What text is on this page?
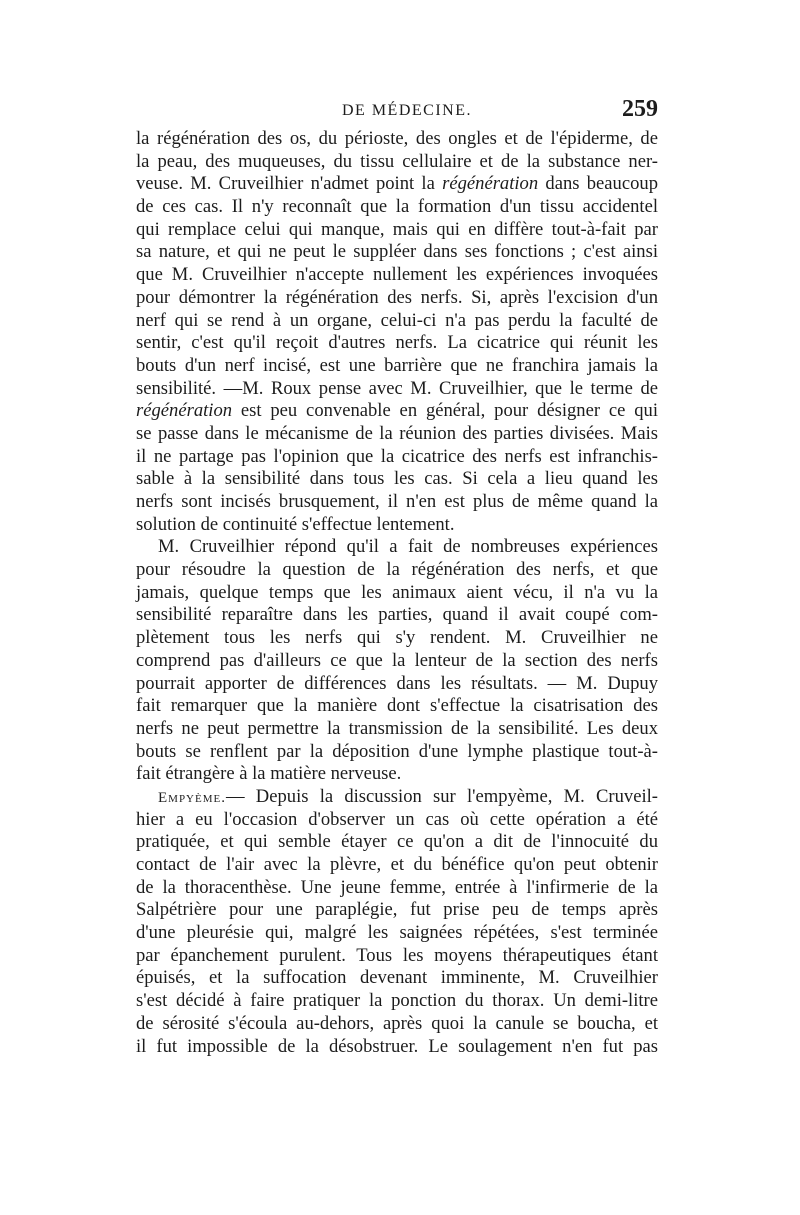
DE MÉDECINE.	259
la régénération des os, du périoste, des ongles et de l'épiderme, de
la peau, des muqueuses, du tissu cellulaire et de la substance ner-
veuse. M. Cruveilhier n'admet point la régénération dans beaucoup
de ces cas. Il n'y reconnaît que la formation d'un tissu accidentel
qui remplace celui qui manque, mais qui en diffère tout-à-fait par
sa nature, et qui ne peut le suppléer dans ses fonctions ; c'est ainsi
que M. Cruveilhier n'accepte nullement les expériences invoquées
pour démontrer la régénération des nerfs. Si, après l'excision d'un
nerf qui se rend à un organe, celui-ci n'a pas perdu la faculté de
sentir, c'est qu'il reçoit d'autres nerfs. La cicatrice qui réunit les
bouts d'un nerf incisé, est une barrière que ne franchira jamais la
sensibilité. —M. Roux pense avec M. Cruveilhier, que le terme de
régénération est peu convenable en général, pour désigner ce qui
se passe dans le mécanisme de la réunion des parties divisées. Mais
il ne partage pas l'opinion que la cicatrice des nerfs est infranchis-
sable à la sensibilité dans tous les cas. Si cela a lieu quand les
nerfs sont incisés brusquement, il n'en est plus de même quand la
solution de continuité s'effectue lentement.
M. Cruveilhier répond qu'il a fait de nombreuses expériences
pour résoudre la question de la régénération des nerfs, et que
jamais, quelque temps que les animaux aient vécu, il n'a vu la
sensibilité reparaître dans les parties, quand il avait coupé com-
plètement tous les nerfs qui s'y rendent. M. Cruveilhier ne
comprend pas d'ailleurs ce que la lenteur de la section des nerfs
pourrait apporter de différences dans les résultats. — M. Dupuy
fait remarquer que la manière dont s'effectue la cisatrisation des
nerfs ne peut permettre la transmission de la sensibilité. Les deux
bouts se renflent par la déposition d'une lymphe plastique tout-à-
fait étrangère à la matière nerveuse.
Empyème.— Depuis la discussion sur l'empyème, M. Cruveil-
hier a eu l'occasion d'observer un cas où cette opération a été
pratiquée, et qui semble étayer ce qu'on a dit de l'innocuité du
contact de l'air avec la plèvre, et du bénéfice qu'on peut obtenir
de la thoracenthèse. Une jeune femme, entrée à l'infirmerie de la
Salpétrière pour une paraplégie, fut prise peu de temps après
d'une pleurésie qui, malgré les saignées répétées, s'est terminée
par épanchement purulent. Tous les moyens thérapeutiques étant
épuisés, et la suffocation devenant imminente, M. Cruveilhier
s'est décidé à faire pratiquer la ponction du thorax. Un demi-litre
de sérosité s'écoula au-dehors, après quoi la canule se boucha, et
il fut impossible de la désobstruer. Le soulagement n'en fut pas
